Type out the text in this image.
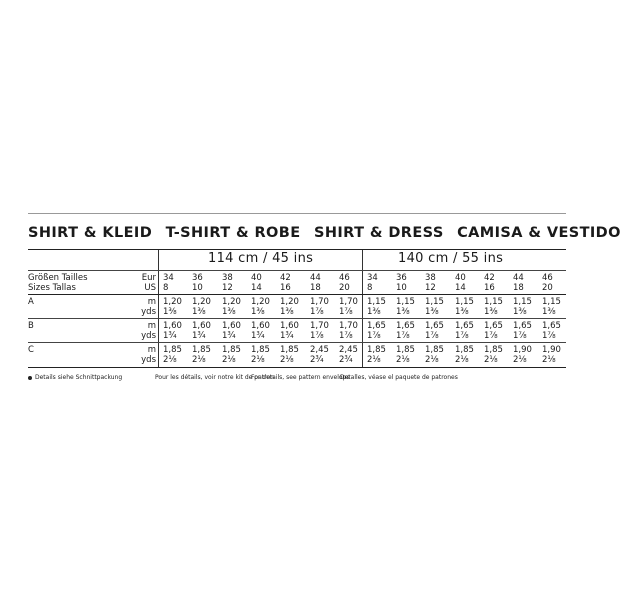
SHIRT & KLEID T-SHIRT & ROBE SHIRT & DRESS CAMISA & VESTIDO
114 cm / 45 ins	140 cm / 55 ins
Größen Tailles
Sizes Tallas
Eur
US
34
8
36
10
38
12
40
14
42
16
44
18
46
20
34
8
36
10
38
12
40
14
42
16
44
18
46
20
A
B
C
m
yds
m
yds
m
yds
1,20
1⅜
1,20
1⅜
1,20
1⅜
1,20
1⅜
1,20
1⅜
1,70
1⅞
1,70
1⅞
1,15
1⅜
1,15
1⅜
1,15
1⅜
1,15
1⅜
1,15
1⅜
1,15
1⅜
1,15
1⅜
1,60
1¾
1,60
1¾
1,60
1¾
1,60
1¾
1,60
1¾
1,70
1⅞
1,70
1⅞
1,65
1⅞
1,65
1⅞
1,65
1⅞
1,65
1⅞
1,65
1⅞
1,65
1⅞
1,65
1⅞
1,85
2⅛
1,85
2⅛
1,85
2⅛
1,85
2⅛
1,85
2⅛
2,45
2¾
2,45
2¾
1,85
2⅛
1,85
2⅛
1,85
2⅛
1,85
2⅛
1,85
2⅛
1,90
2⅛
1,90
2⅛
Details siehe Schnittpackung	Pour les détails, voir notre kit de patron
For details, see pattern envelope
Detalles, véase el paquete de patrones
